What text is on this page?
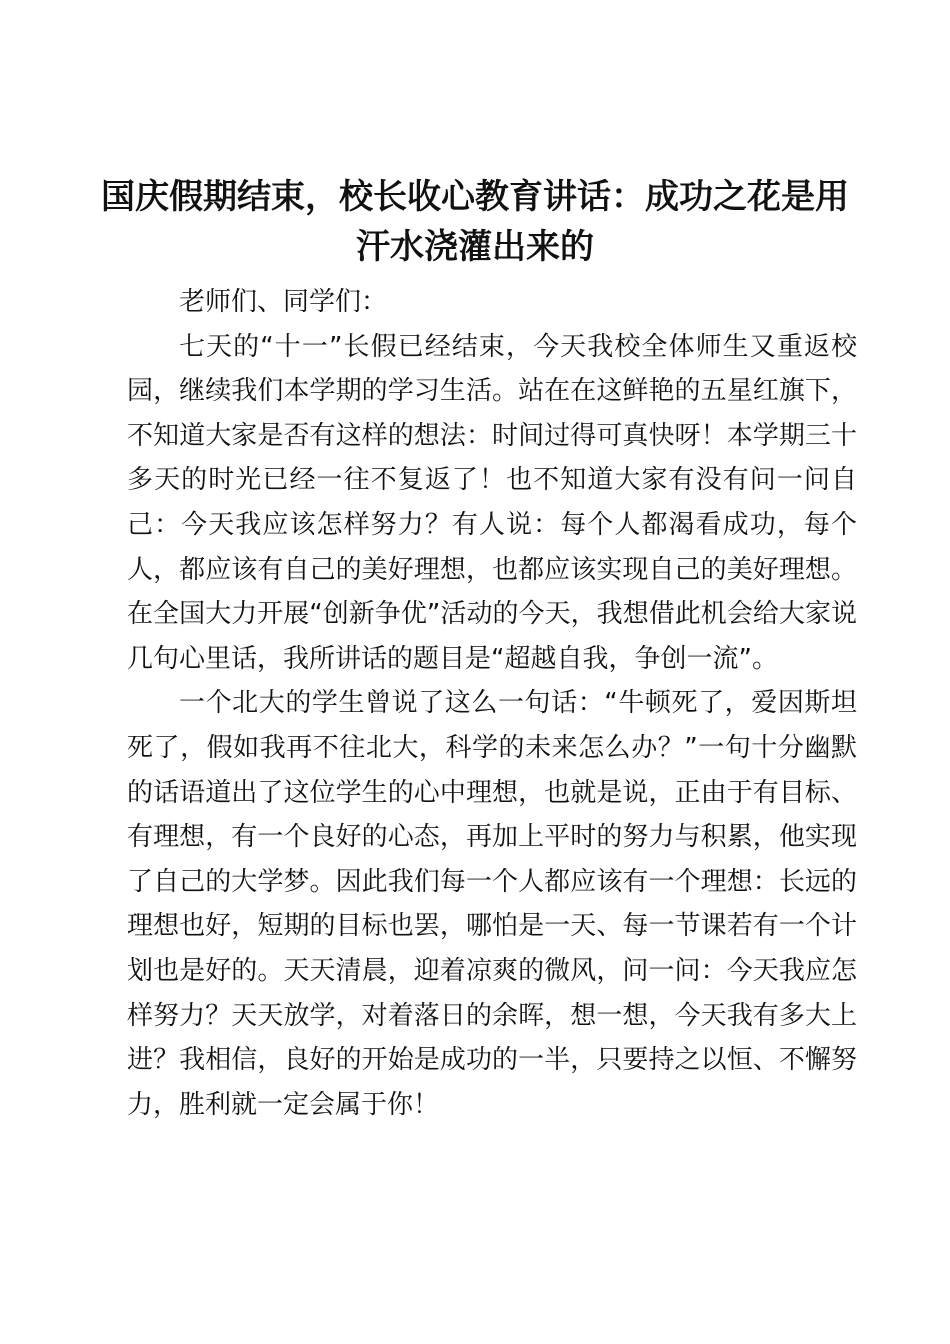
国庆假期结束，校长收心教育讲话：成功之花是用汗水浇灌出来的

老师们、同学们：

七天的“十一”长假已经结束，今天我校全体师生又重返校园，继续我们本学期的学习生活。站在在这鲜艳的五星红旗下，不知道大家是否有这样的想法：时间过得可真快呀！本学期三十多天的时光已经一往不复返了！也不知道大家有没有问一问自己：今天我应该怎样努力？有人说：每个人都渴看成功，每个人，都应该有自己的美好理想，也都应该实现自己的美好理想。在全国大力开展“创新争优”活动的今天，我想借此机会给大家说几句心里话，我所讲话的题目是“超越自我，争创一流”。

一个北大的学生曾说了这么一句话：“牛顿死了，爱因斯坦死了，假如我再不往北大，科学的未来怎么办？”一句十分幽默的话语道出了这位学生的心中理想，也就是说，正由于有目标、有理想，有一个良好的心态，再加上平时的努力与积累，他实现了自己的大学梦。因此我们每一个人都应该有一个理想：长远的理想也好，短期的目标也罢，哪怕是一天、每一节课若有一个计划也是好的。天天清晨，迎着凉爽的微风，问一问：今天我应怎样努力？天天放学，对着落日的余晖，想一想，今天我有多大上进？我相信，良好的开始是成功的一半，只要持之以恒、不懈努力，胜利就一定会属于你！
